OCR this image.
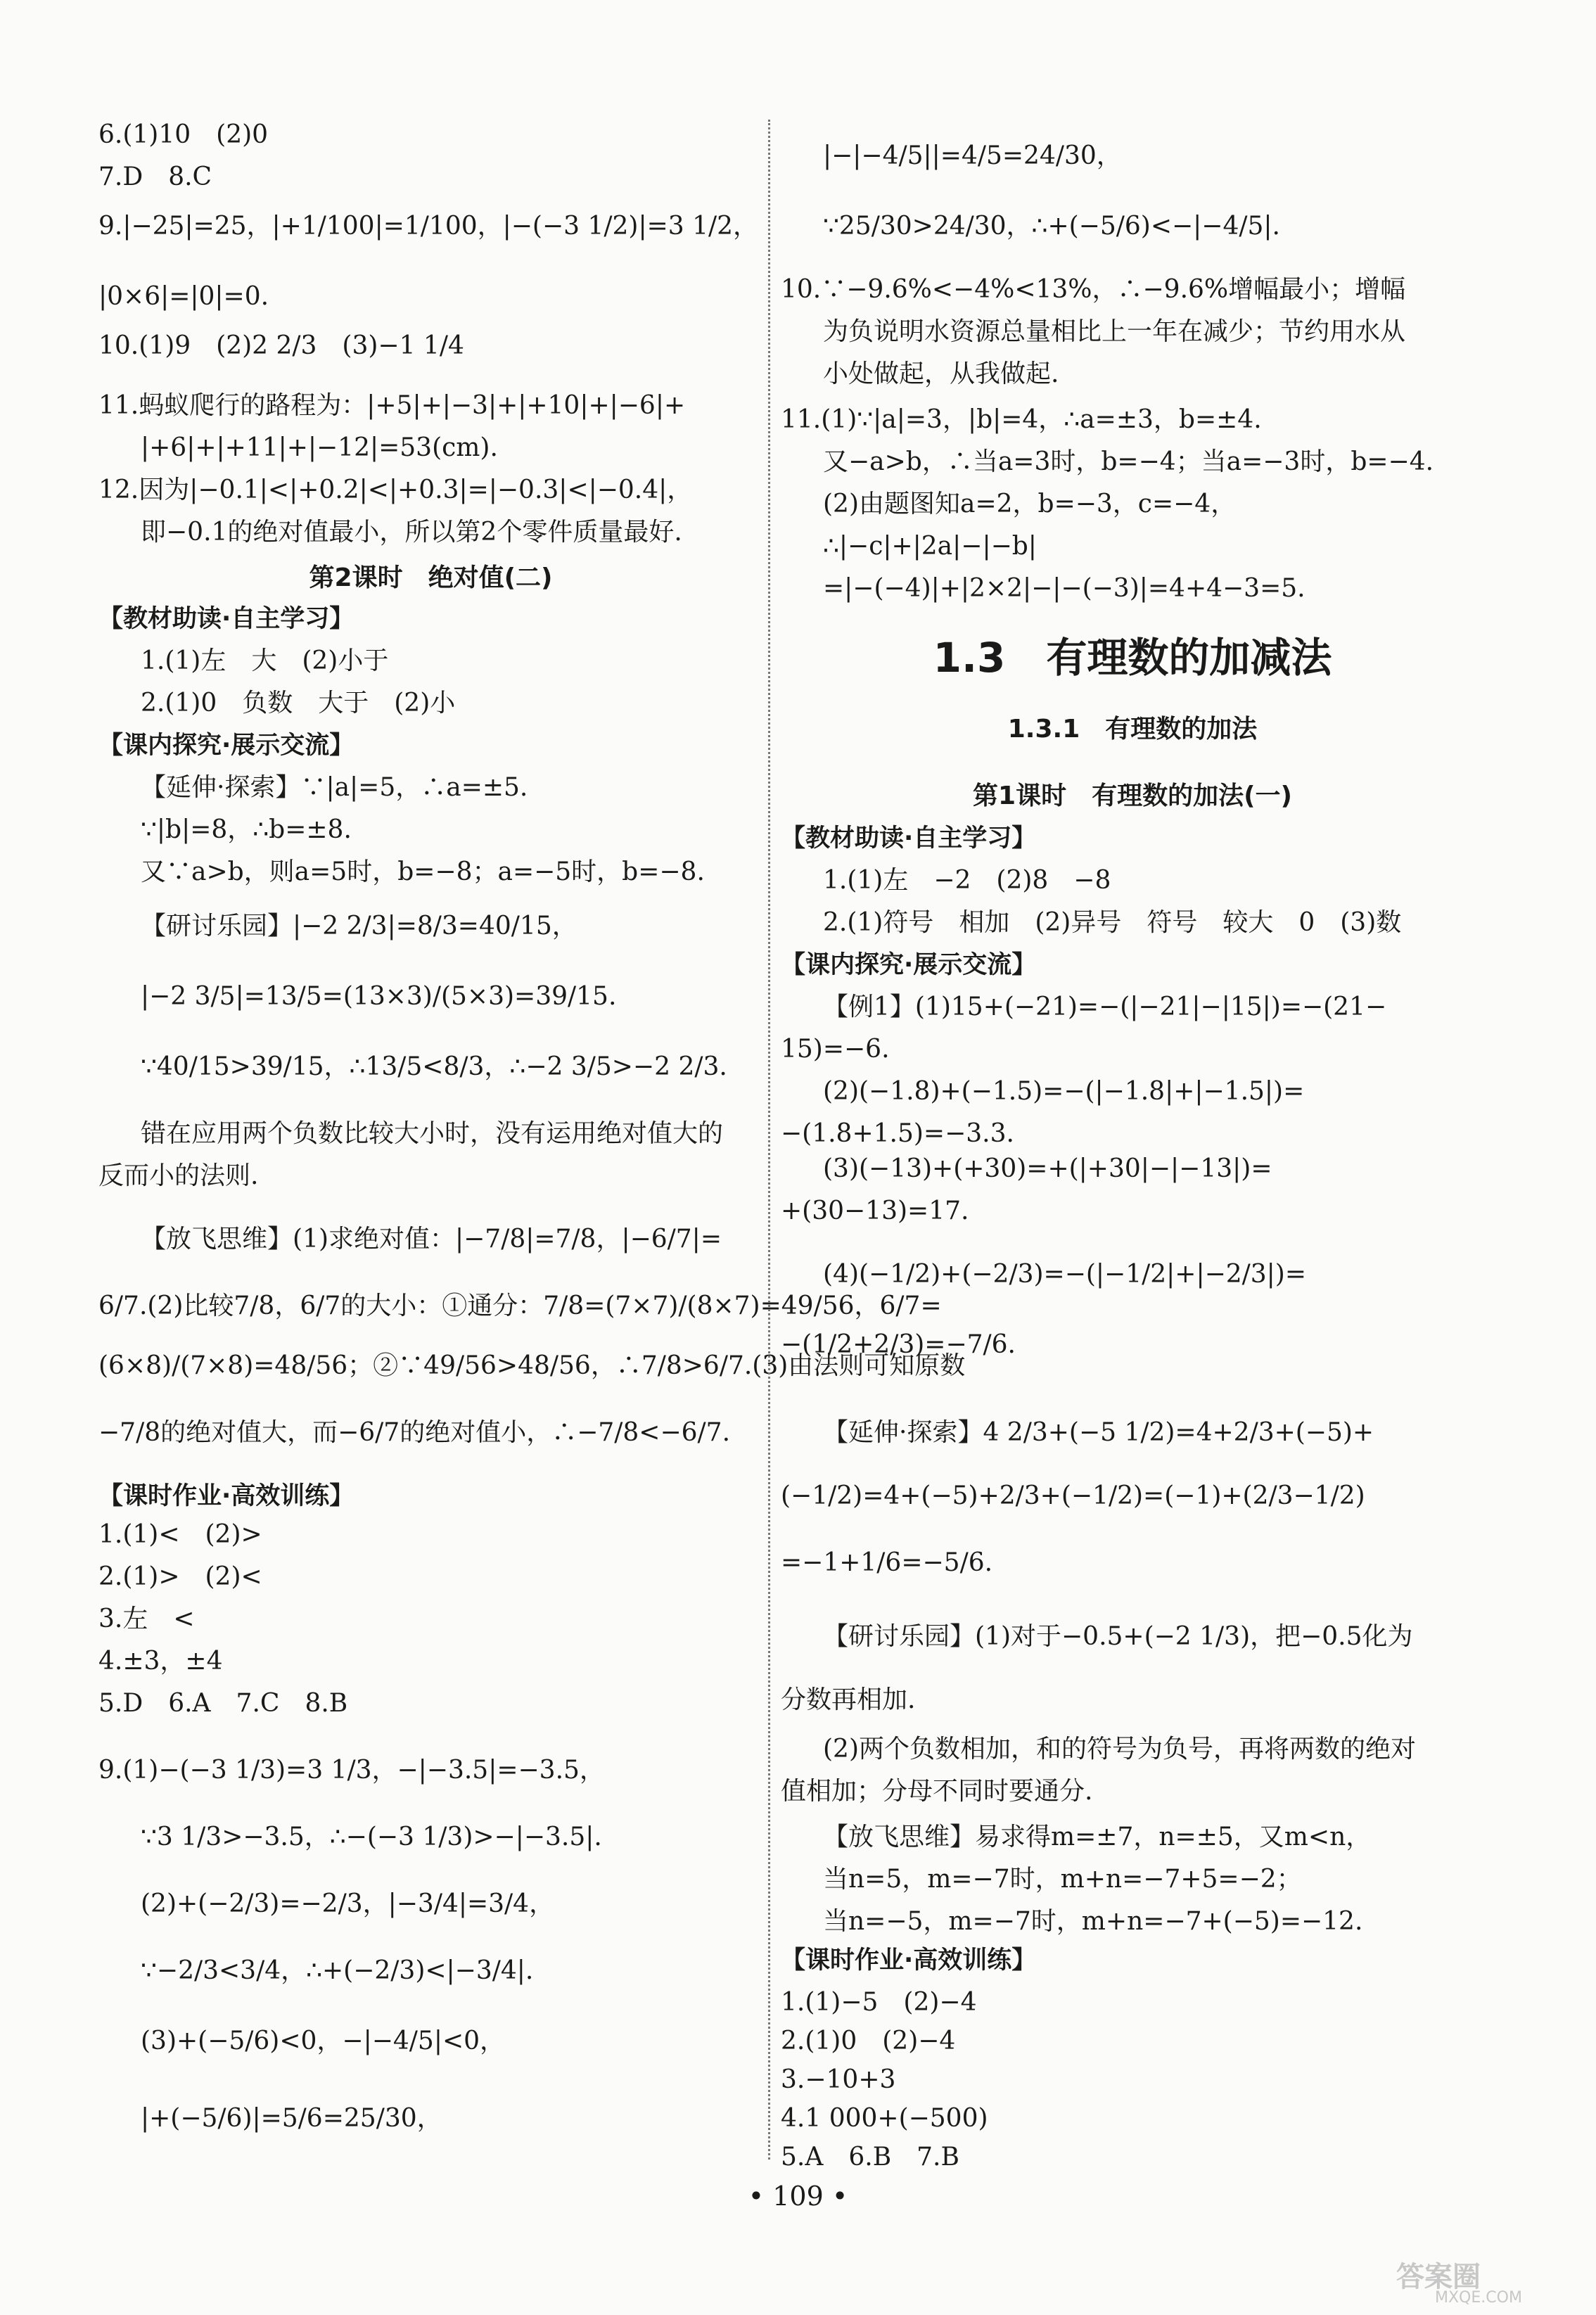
6.(1)10　(2)0
7.D　8.C
9.|−25|=25，|+1/100|=1/100，|−(−3 1/2)|=3 1/2，
|0×6|=|0|=0.
10.(1)9　(2)2 2/3　(3)−1 1/4
11.蚂蚁爬行的路程为：|+5|+|−3|+|+10|+|−6|+
|+6|+|+11|+|−12|=53(cm).
12.因为|−0.1|<|+0.2|<|+0.3|=|−0.3|<|−0.4|，
即−0.1的绝对值最小，所以第2个零件质量最好.
第2课时　绝对值(二)
【教材助读·自主学习】
1.(1)左　大　(2)小于
2.(1)0　负数　大于　(2)小
【课内探究·展示交流】
【延伸·探索】∵|a|=5，∴a=±5.
∵|b|=8，∴b=±8.
又∵a>b，则a=5时，b=−8；a=−5时，b=−8.
【研讨乐园】|−2 2/3|=8/3=40/15，
|−2 3/5|=13/5=(13×3)/(5×3)=39/15.
∵40/15>39/15，∴13/5<8/3，∴−2 3/5>−2 2/3.
错在应用两个负数比较大小时，没有运用绝对值大的
反而小的法则.
【放飞思维】(1)求绝对值：|−7/8|=7/8，|−6/7|=
6/7.(2)比较7/8，6/7的大小：①通分：7/8=(7×7)/(8×7)=49/56，6/7=
(6×8)/(7×8)=48/56；②∵49/56>48/56，∴7/8>6/7.(3)由法则可知原数
−7/8的绝对值大，而−6/7的绝对值小，∴−7/8<−6/7.
【课时作业·高效训练】
1.(1)<　(2)>
2.(1)>　(2)<
3.左　<
4.±3，±4
5.D　6.A　7.C　8.B
9.(1)−(−3 1/3)=3 1/3，−|−3.5|=−3.5，
∵3 1/3>−3.5，∴−(−3 1/3)>−|−3.5|.
(2)+(−2/3)=−2/3，|−3/4|=3/4，
∵−2/3<3/4，∴+(−2/3)<|−3/4|.
(3)+(−5/6)<0，−|−4/5|<0，
|+(−5/6)|=5/6=25/30，
|−|−4/5||=4/5=24/30，
∵25/30>24/30，∴+(−5/6)<−|−4/5|.
10.∵−9.6%<−4%<13%，∴−9.6%增幅最小；增幅
为负说明水资源总量相比上一年在减少；节约用水从
小处做起，从我做起.
11.(1)∵|a|=3，|b|=4，∴a=±3，b=±4.
又−a>b，∴当a=3时，b=−4；当a=−3时，b=−4.
(2)由题图知a=2，b=−3，c=−4，
∴|−c|+|2a|−|−b|
=|−(−4)|+|2×2|−|−(−3)|=4+4−3=5.
1.3　有理数的加减法
1.3.1　有理数的加法
第1课时　有理数的加法(一)
【教材助读·自主学习】
1.(1)左　−2　(2)8　−8
2.(1)符号　相加　(2)异号　符号　较大　0　(3)数
【课内探究·展示交流】
【例1】(1)15+(−21)=−(|−21|−|15|)=−(21−
15)=−6.
(2)(−1.8)+(−1.5)=−(|−1.8|+|−1.5|)=
−(1.8+1.5)=−3.3.
(3)(−13)+(+30)=+(|+30|−|−13|)=
+(30−13)=17.
(4)(−1/2)+(−2/3)=−(|−1/2|+|−2/3|)=
−(1/2+2/3)=−7/6.
【延伸·探索】4 2/3+(−5 1/2)=4+2/3+(−5)+
(−1/2)=4+(−5)+2/3+(−1/2)=(−1)+(2/3−1/2)
=−1+1/6=−5/6.
【研讨乐园】(1)对于−0.5+(−2 1/3)，把−0.5化为
分数再相加.
(2)两个负数相加，和的符号为负号，再将两数的绝对
值相加；分母不同时要通分.
【放飞思维】易求得m=±7，n=±5，又m<n，
当n=5，m=−7时，m+n=−7+5=−2；
当n=−5，m=−7时，m+n=−7+(−5)=−12.
【课时作业·高效训练】
1.(1)−5　(2)−4
2.(1)0　(2)−4
3.−10+3
4.1 000+(−500)
5.A　6.B　7.B
• 109 •
答案圈
MXQE.COM
